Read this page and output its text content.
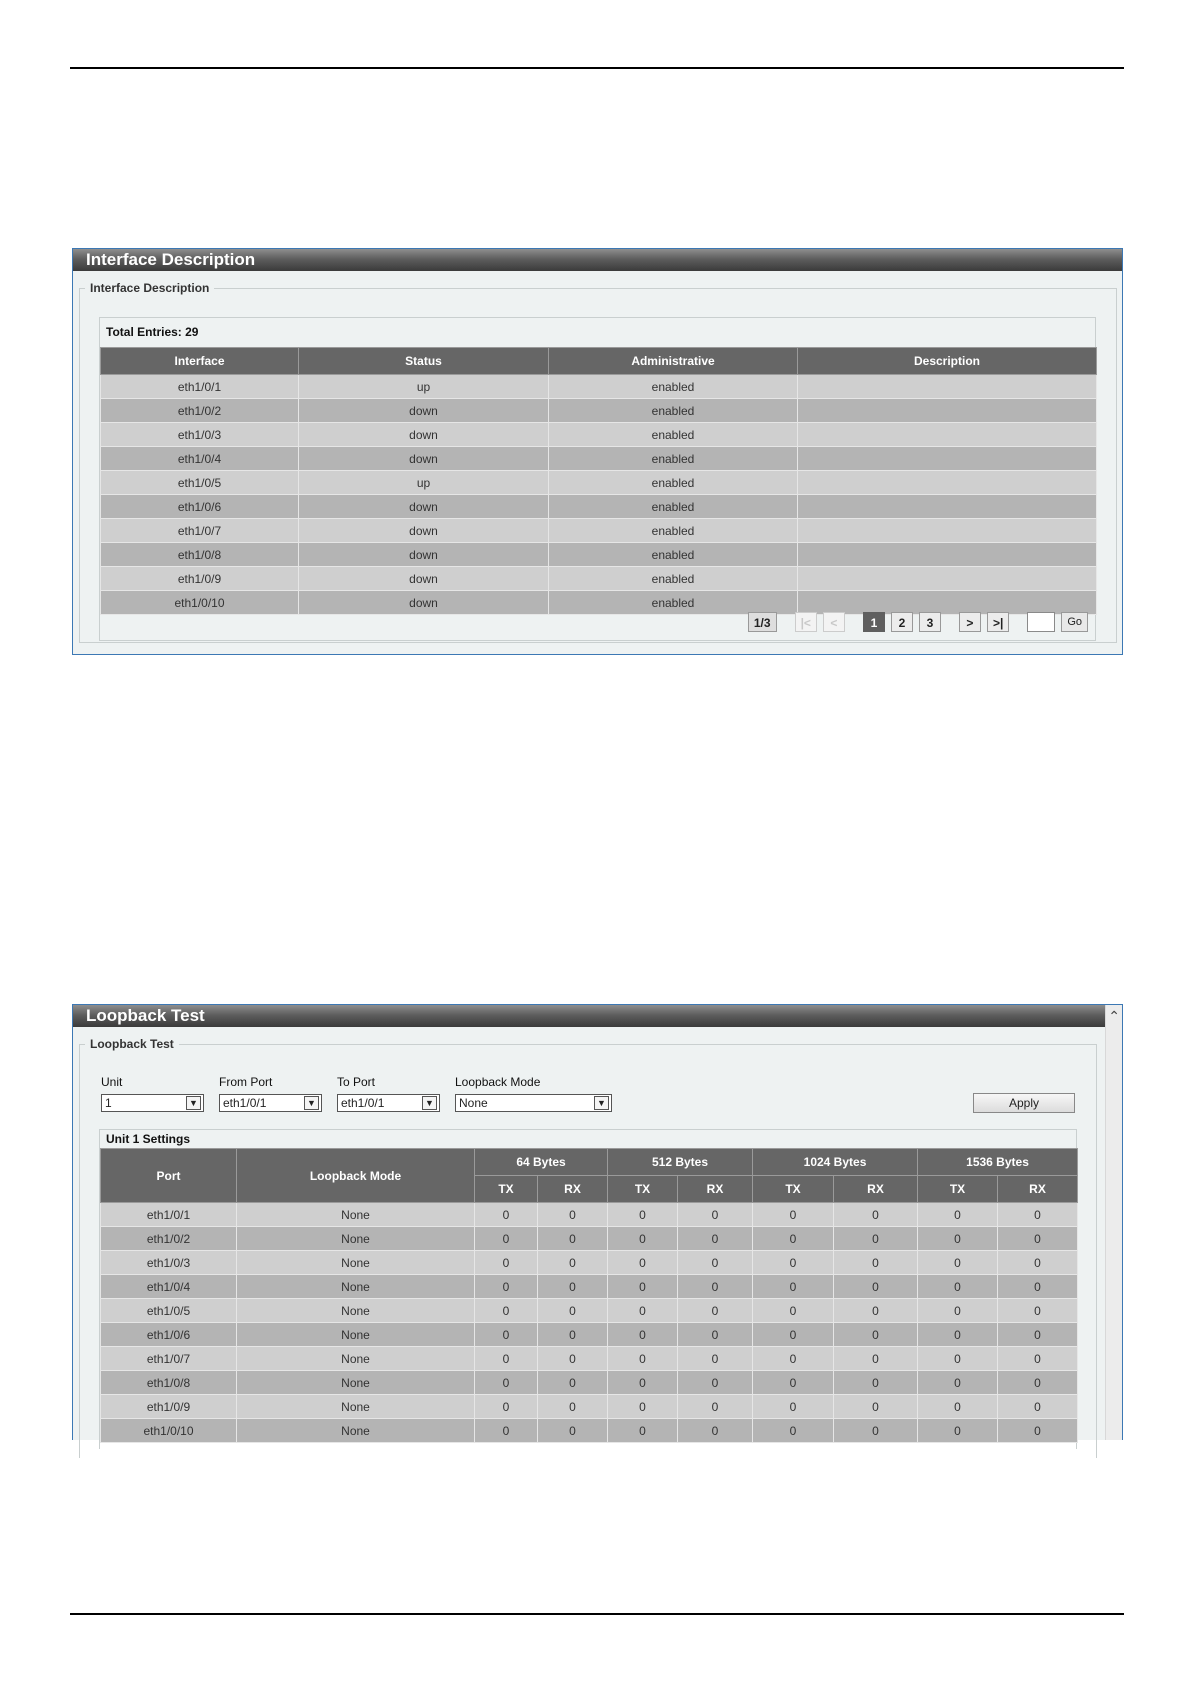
Interface Description
Interface Description
Total Entries: 29
Interface	Status	Administrative	Description
eth1/0/1	up	enabled	
eth1/0/2	down	enabled	
eth1/0/3	down	enabled	
eth1/0/4	down	enabled	
eth1/0/5	up	enabled	
eth1/0/6	down	enabled	
eth1/0/7	down	enabled	
eth1/0/8	down	enabled	
eth1/0/9	down	enabled	
eth1/0/10	down	enabled	
1/3	|<	<	1	2	3	>	>|	Go
Loopback Test	⌃
Loopback Test
Unit
1	▼
From Port
eth1/0/1	▼
To Port
eth1/0/1	▼
Loopback Mode
None	▼	Apply
Unit 1 Settings
Port	Loopback Mode	64 Bytes		512 Bytes		1024 Bytes		1536 Bytes	
		TX	RX	TX	RX	TX	RX	TX	RX
eth1/0/1	None	0	0	0	0	0	0	0	0
eth1/0/2	None	0	0	0	0	0	0	0	0
eth1/0/3	None	0	0	0	0	0	0	0	0
eth1/0/4	None	0	0	0	0	0	0	0	0
eth1/0/5	None	0	0	0	0	0	0	0	0
eth1/0/6	None	0	0	0	0	0	0	0	0
eth1/0/7	None	0	0	0	0	0	0	0	0
eth1/0/8	None	0	0	0	0	0	0	0	0
eth1/0/9	None	0	0	0	0	0	0	0	0
eth1/0/10	None	0	0	0	0	0	0	0	0
